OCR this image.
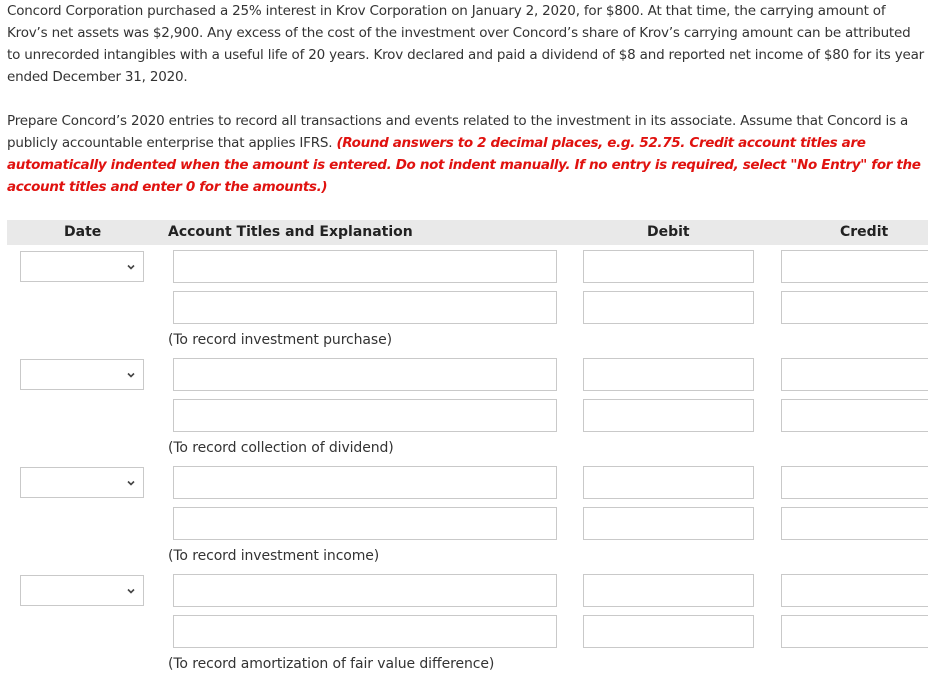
Concord Corporation purchased a 25% interest in Krov Corporation on January 2, 2020, for $800. At that time, the carrying amount of Krov’s net assets was $2,900. Any excess of the cost of the investment over Concord’s share of Krov’s carrying amount can be attributed to unrecorded intangibles with a useful life of 20 years. Krov declared and paid a dividend of $8 and reported net income of $80 for its year ended December 31, 2020.

Prepare Concord’s 2020 entries to record all transactions and events related to the investment in its associate. Assume that Concord is a publicly accountable enterprise that applies IFRS. (Round answers to 2 decimal places, e.g. 52.75. Credit account titles are automatically indented when the amount is entered. Do not indent manually. If no entry is required, select "No Entry" for the account titles and enter 0 for the amounts.)

Date	Account Titles and Explanation	Debit	Credit
(To record investment purchase)
(To record collection of dividend)
(To record investment income)
(To record amortization of fair value difference)
